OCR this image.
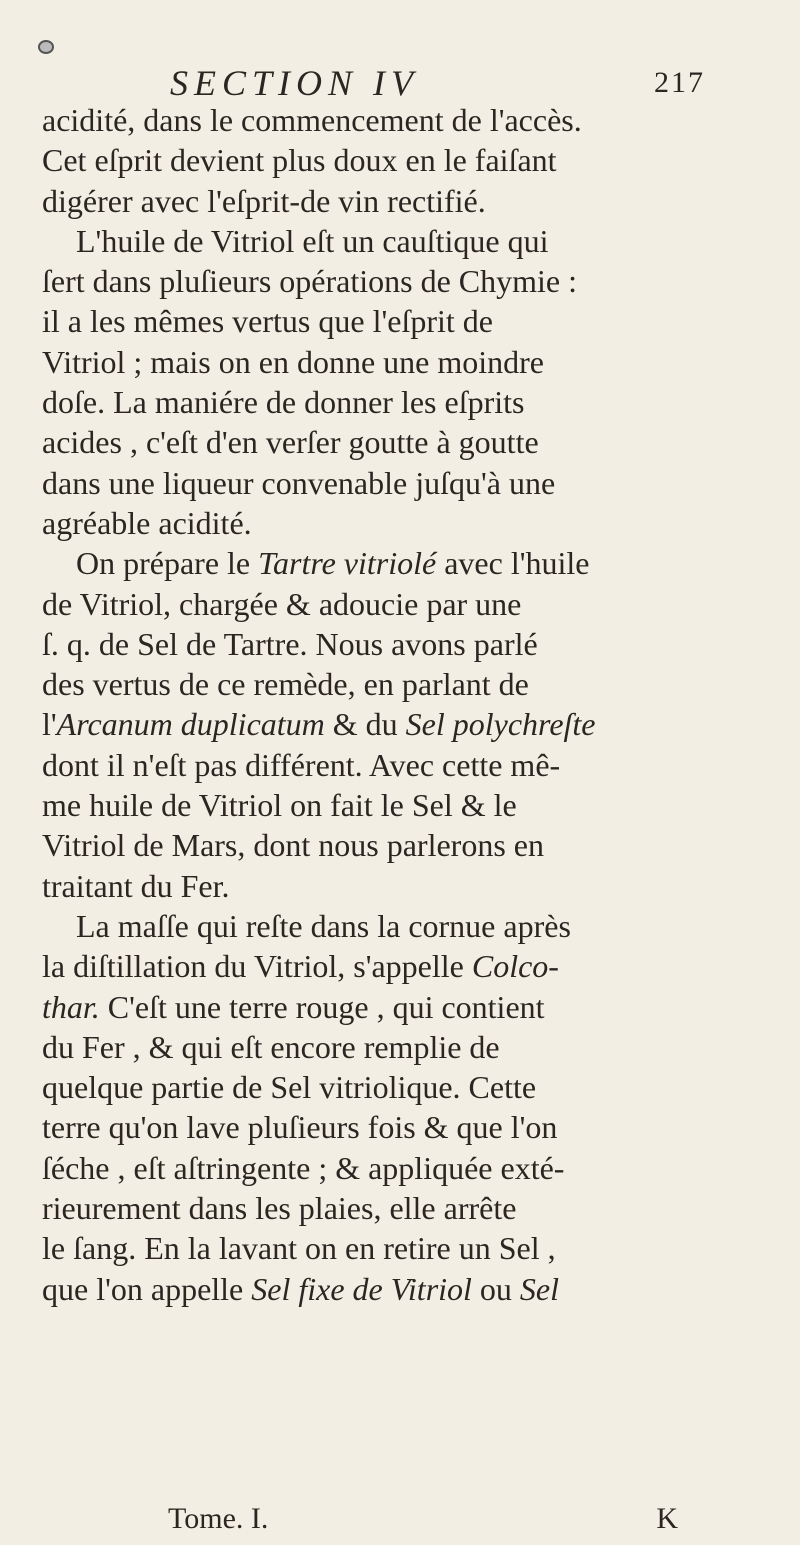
SECTION IV	217

acidité, dans le commencement de l'accès.
Cet eſprit devient plus doux en le faiſant
digérer avec l'eſprit-de vin rectifié.

L'huile de Vitriol eſt un cauſtique qui
ſert dans pluſieurs opérations de Chymie :
il a les mêmes vertus que l'eſprit de
Vitriol ; mais on en donne une moindre
doſe. La maniére de donner les eſprits
acides , c'eſt d'en verſer goutte à goutte
dans une liqueur convenable juſqu'à une
agréable acidité.

On prépare le Tartre vitriolé avec l'huile
de Vitriol, chargée & adoucie par une
ſ. q. de Sel de Tartre. Nous avons parlé
des vertus de ce remède, en parlant de
l'Arcanum duplicatum & du Sel polychreſte
dont il n'eſt pas différent. Avec cette mê-
me huile de Vitriol on fait le Sel & le
Vitriol de Mars, dont nous parlerons en
traitant du Fer.

La maſſe qui reſte dans la cornue après
la diſtillation du Vitriol, s'appelle Colco-
thar. C'eſt une terre rouge , qui contient
du Fer , & qui eſt encore remplie de
quelque partie de Sel vitriolique. Cette
terre qu'on lave pluſieurs fois & que l'on
ſéche , eſt aſtringente ; & appliquée exté-
rieurement dans les plaies, elle arrête
le ſang. En la lavant on en retire un Sel ,
que l'on appelle Sel fixe de Vitriol ou Sel

Tome. I.	K
